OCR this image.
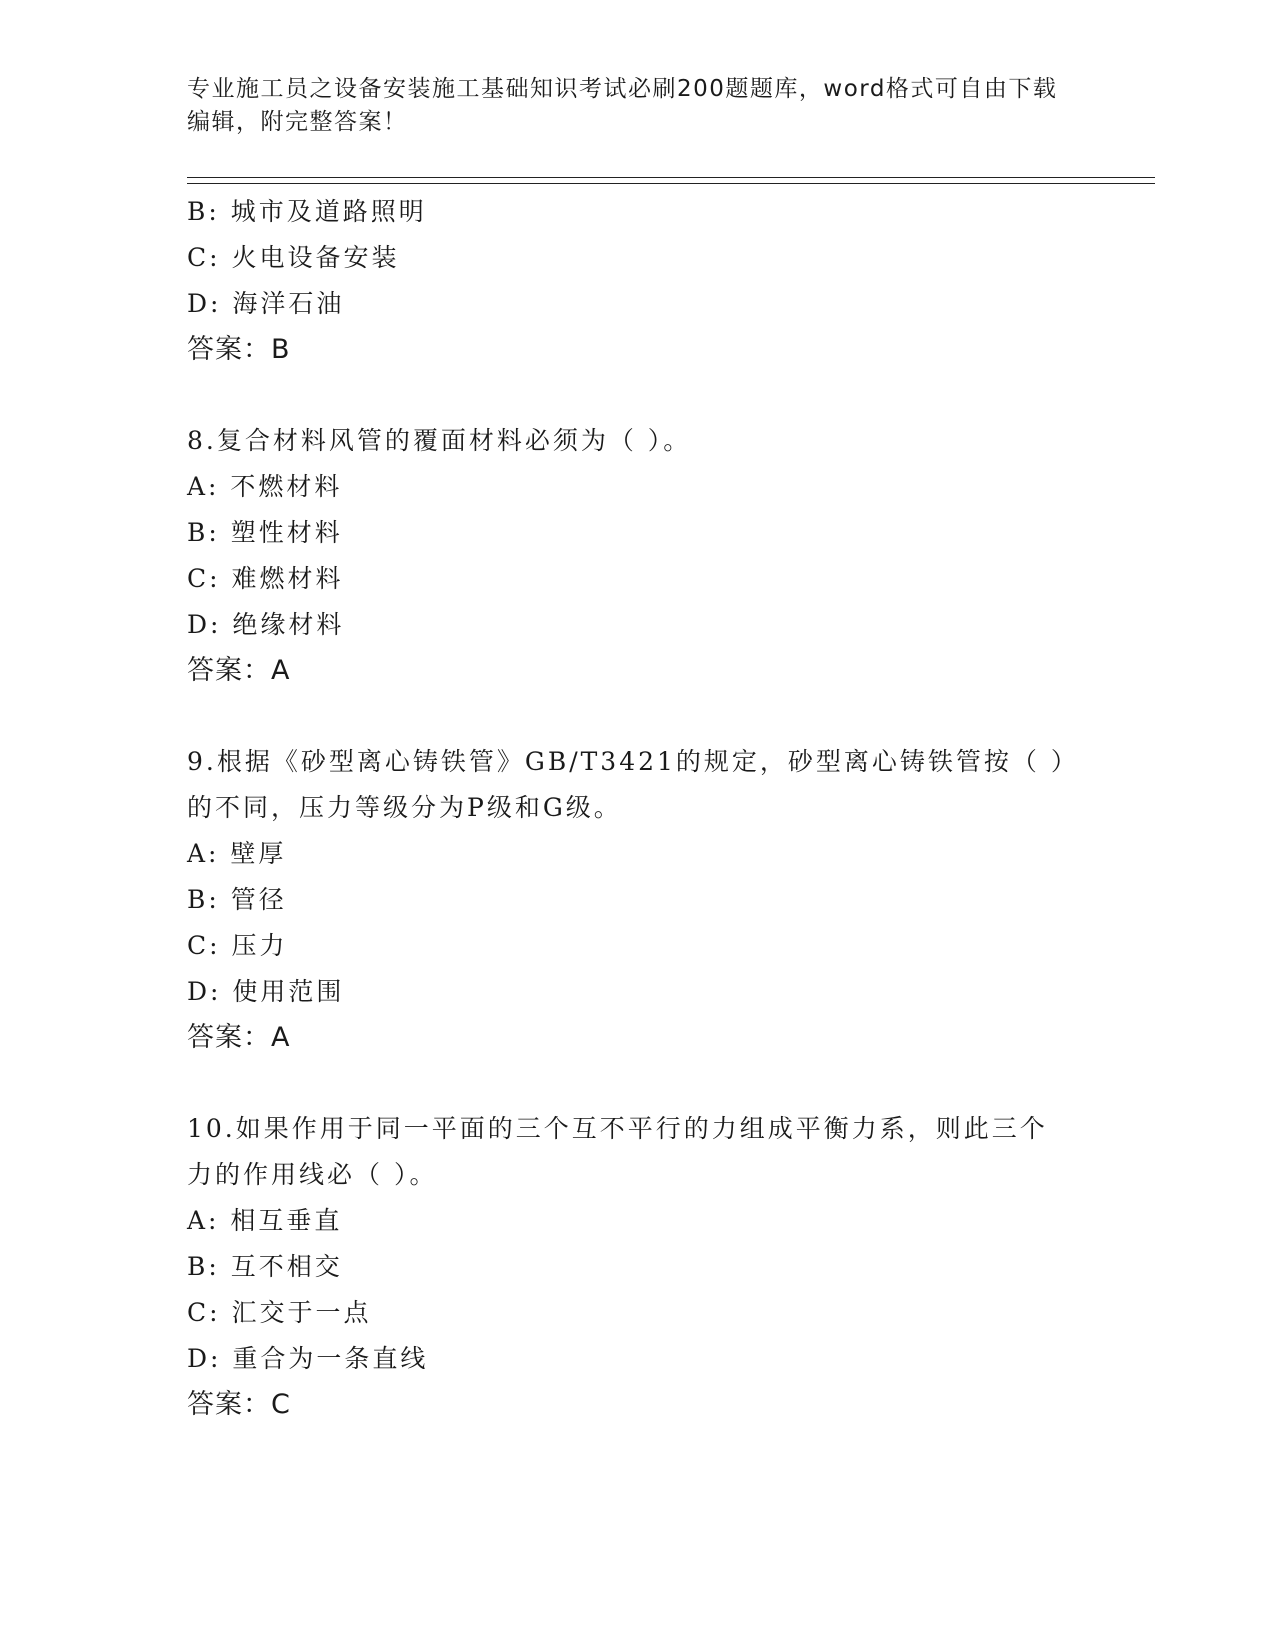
专业施工员之设备安装施工基础知识考试必刷200题题库，word格式可自由下载编辑，附完整答案！
B: 城市及道路照明
C: 火电设备安装
D: 海洋石油
答案：B
8.复合材料风管的覆面材料必须为（ ）。
A: 不燃材料
B: 塑性材料
C: 难燃材料
D: 绝缘材料
答案：A
9.根据《砂型离心铸铁管》GB/T3421的规定，砂型离心铸铁管按（ ）的不同，压力等级分为P级和G级。
A: 壁厚
B: 管径
C: 压力
D: 使用范围
答案：A
10.如果作用于同一平面的三个互不平行的力组成平衡力系，则此三个力的作用线必（ ）。
A: 相互垂直
B: 互不相交
C: 汇交于一点
D: 重合为一条直线
答案：C
